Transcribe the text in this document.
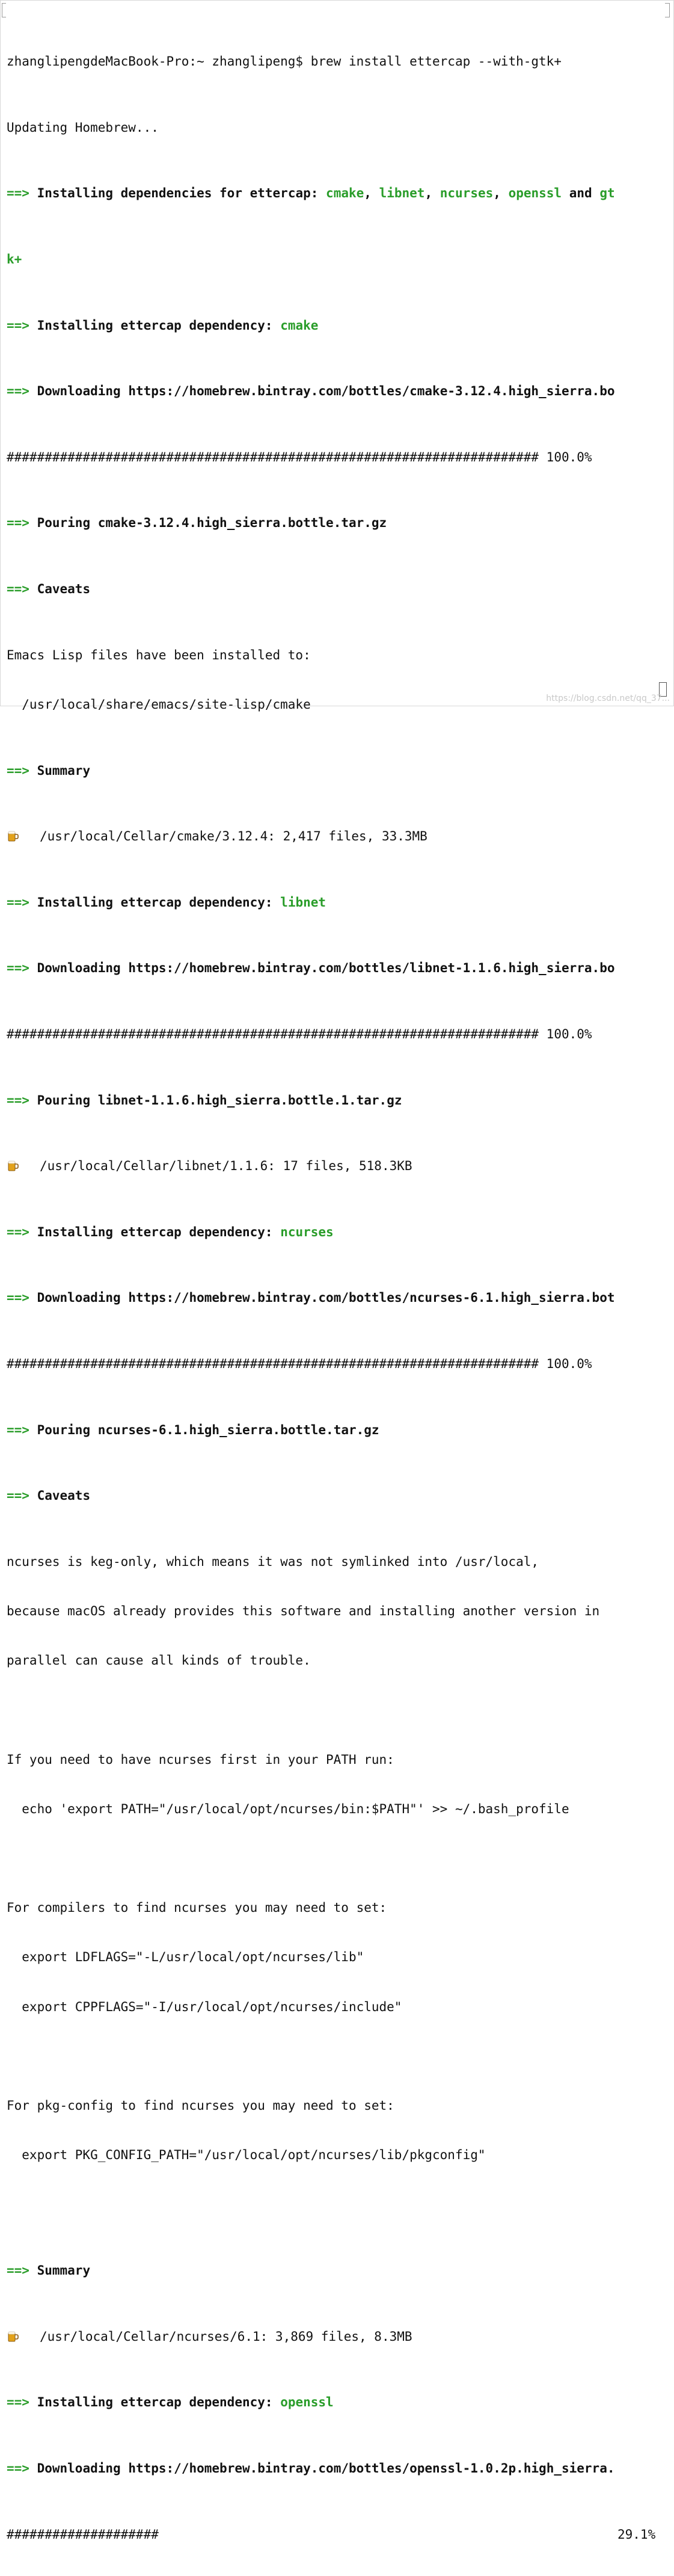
zhanglipengdeMacBook-Pro:~ zhanglipeng$ brew install ettercap --with-gtk+

Updating Homebrew...

==> Installing dependencies for ettercap: cmake, libnet, ncurses, openssl and gt

k+

==> Installing ettercap dependency: cmake

==> Downloading https://homebrew.bintray.com/bottles/cmake-3.12.4.high_sierra.bo

###################################################################### 100.0%

==> Pouring cmake-3.12.4.high_sierra.bottle.tar.gz

==> Caveats

Emacs Lisp files have been installed to:

/usr/local/share/emacs/site-lisp/cmake

==> Summary

/usr/local/Cellar/cmake/3.12.4: 2,417 files, 33.3MB

==> Installing ettercap dependency: libnet

==> Downloading https://homebrew.bintray.com/bottles/libnet-1.1.6.high_sierra.bo

###################################################################### 100.0%

==> Pouring libnet-1.1.6.high_sierra.bottle.1.tar.gz

/usr/local/Cellar/libnet/1.1.6: 17 files, 518.3KB

==> Installing ettercap dependency: ncurses

==> Downloading https://homebrew.bintray.com/bottles/ncurses-6.1.high_sierra.bot

###################################################################### 100.0%

==> Pouring ncurses-6.1.high_sierra.bottle.tar.gz

==> Caveats

ncurses is keg-only, which means it was not symlinked into /usr/local,

because macOS already provides this software and installing another version in

parallel can cause all kinds of trouble.

If you need to have ncurses first in your PATH run:

echo 'export PATH="/usr/local/opt/ncurses/bin:$PATH"' >> ~/.bash_profile

For compilers to find ncurses you may need to set:

export LDFLAGS="-L/usr/local/opt/ncurses/lib"

export CPPFLAGS="-I/usr/local/opt/ncurses/include"

For pkg-config to find ncurses you may need to set:

export PKG_CONFIG_PATH="/usr/local/opt/ncurses/lib/pkgconfig"

==> Summary

/usr/local/Cellar/ncurses/6.1: 3,869 files, 8.3MB

==> Installing ettercap dependency: openssl

==> Downloading https://homebrew.bintray.com/bottles/openssl-1.0.2p.high_sierra.

####################	29.1%

https://blog.csdn.net/qq_37...
